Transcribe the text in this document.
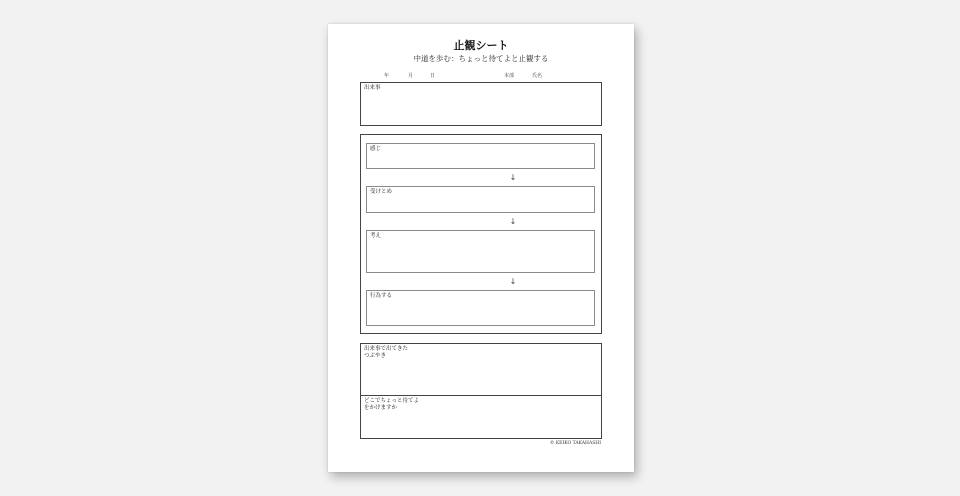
止観シート
中道を歩む：ちょっと待てよと止観する
年	月	日	本部	氏名
出来事
感じ
↓
受けとめ
↓
考え
↓
行為する
出来事で出てきた
つぶやき
どこでちょっと待てよ
をかけますか
© KEIKO TAKAHASHI
